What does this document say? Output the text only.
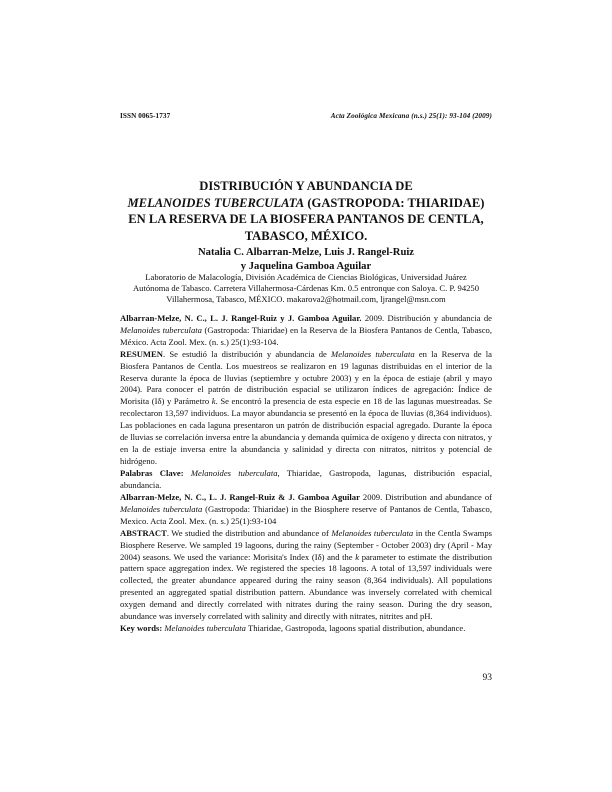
ISSN 0065-1737	Acta Zoológica Mexicana (n.s.) 25(1): 93-104 (2009)
DISTRIBUCIÓN Y ABUNDANCIA DE
MELANOIDES TUBERCULATA (GASTROPODA: THIARIDAE)
EN LA RESERVA DE LA BIOSFERA PANTANOS DE CENTLA,
TABASCO, MÉXICO.
Natalia C. Albarran-Melze, Luis J. Rangel-Ruiz
y Jaquelina Gamboa Aguilar
Laboratorio de Malacología, División Académica de Ciencias Biológicas, Universidad Juárez
Autónoma de Tabasco. Carretera Villahermosa-Cárdenas Km. 0.5 entronque con Saloya. C. P. 94250
Villahermosa, Tabasco, MÉXICO. makarova2@hotmail.com, ljrangel@msn.com

Albarran-Melze, N. C., L. J. Rangel-Ruiz y J. Gamboa Aguilar. 2009. Distribución y abundancia de Melanoides tuberculata (Gastropoda: Thiaridae) en la Reserva de la Biosfera Pantanos de Centla, Tabasco, México. Acta Zool. Mex. (n. s.) 25(1):93-104.

RESUMEN. Se estudió la distribución y abundancia de Melanoides tuberculata en la Reserva de la Biosfera Pantanos de Centla. Los muestreos se realizaron en 19 lagunas distribuidas en el interior de la Reserva durante la época de lluvias (septiembre y octubre 2003) y en la época de estiaje (abril y mayo 2004). Para conocer el patrón de distribución espacial se utilizaron índices de agregación: Índice de Morisita (Iδ) y Parámetro k. Se encontró la presencia de esta especie en 18 de las lagunas muestreadas. Se recolectaron 13,597 individuos. La mayor abundancia se presentó en la época de lluvias (8,364 individuos). Las poblaciones en cada laguna presentaron un patrón de distribución espacial agregado. Durante la época de lluvias se correlación inversa entre la abundancia y demanda química de oxígeno y directa con nitratos, y en la de estiaje inversa entre la abundancia y salinidad y directa con nitratos, nitritos y potencial de hidrógeno.

Palabras Clave: Melanoides tuberculata, Thiaridae, Gastropoda, lagunas, distribución espacial, abundancia.

Albarran-Melze, N. C., L. J. Rangel-Ruiz & J. Gamboa Aguilar 2009. Distribution and abundance of Melanoides tuberculata (Gastropoda: Thiaridae) in the Biosphere reserve of Pantanos de Centla, Tabasco, Mexico. Acta Zool. Mex. (n. s.) 25(1):93-104

ABSTRACT. We studied the distribution and abundance of Melanoides tuberculata in the Centla Swamps Biosphere Reserve. We sampled 19 lagoons, during the rainy (September - October 2003) dry (April - May 2004) seasons. We used the variance: Morisita's Index (Iδ) and the k parameter to estimate the distribution pattern space aggregation index. We registered the species 18 lagoons. A total of 13,597 individuals were collected, the greater abundance appeared during the rainy season (8,364 individuals). All populations presented an aggregated spatial distribution pattern. Abundance was inversely correlated with chemical oxygen demand and directly correlated with nitrates during the rainy season. During the dry season, abundance was inversely correlated with salinity and directly with nitrates, nitrites and pH.

Key words: Melanoides tuberculata Thiaridae, Gastropoda, lagoons spatial distribution, abundance.

93
